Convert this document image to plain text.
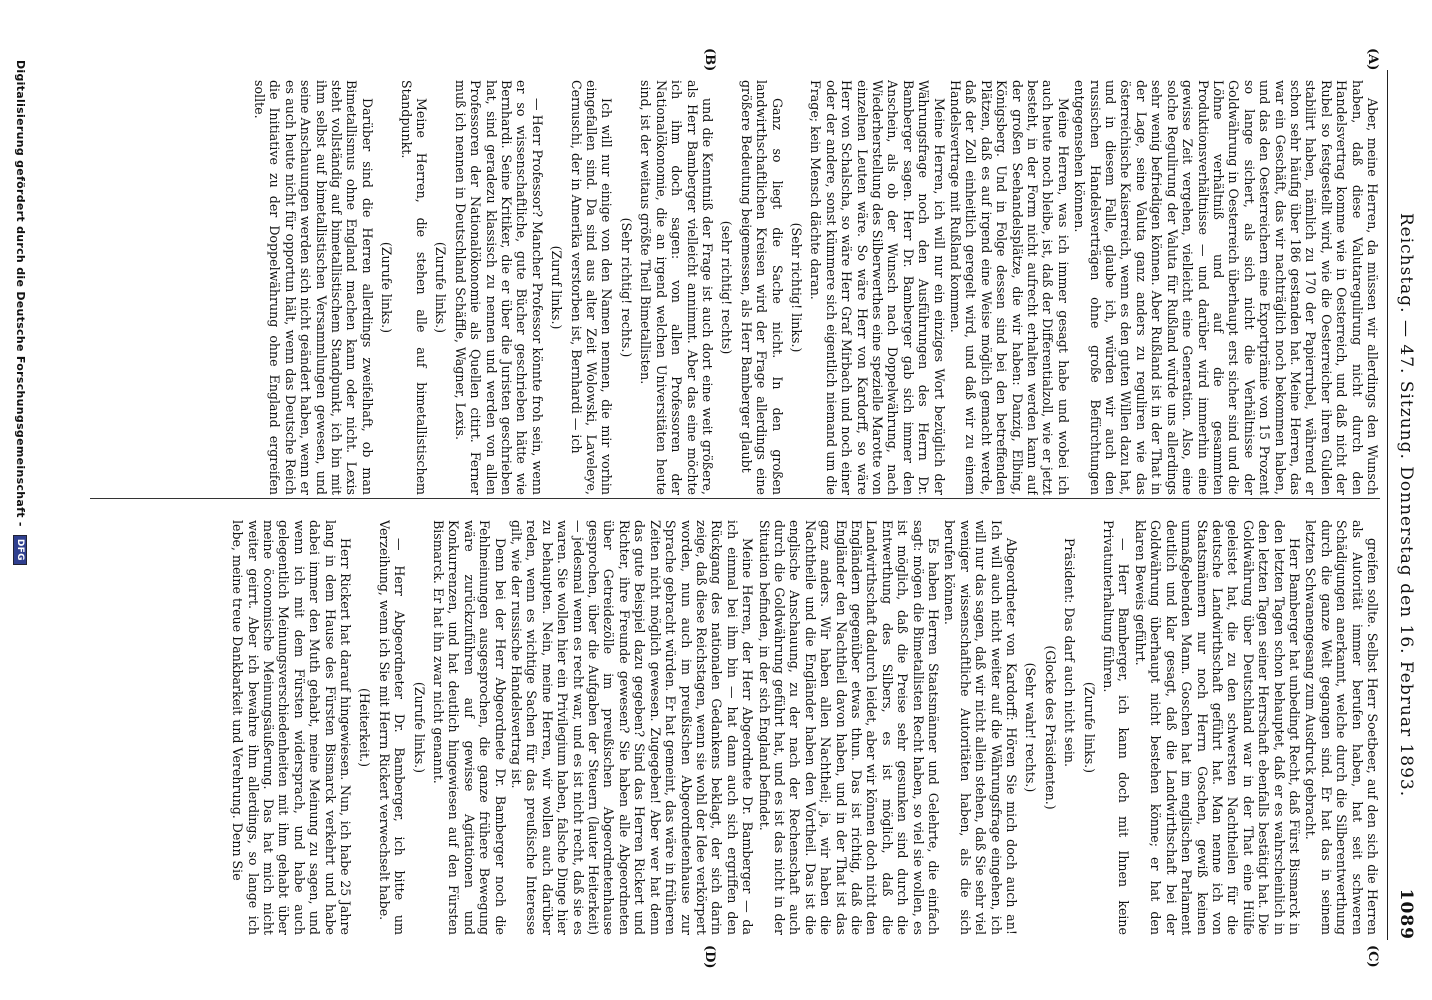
Reichstag. — 47. Sitzung. Donnerstag den 16. Februar 1893.
1089
(A)
(B)
(C)
(D)

Aber, meine Herren, da müssen wir allerdings den Wunsch haben, daß diese Valutaregulirung nicht durch den Handelsvertrag komme wie in Oesterreich, und daß nicht der Rubel so festgestellt wird, wie die Oesterreicher ihren Gulden stabilirt haben, nämlich zu 170 der Papierrubel, während er schon sehr häufig über 186 gestanden hat. Meine Herren, das war ein Geschäft, das wir nachträglich noch bekommen haben, und das den Oesterreichern eine Exportprämie von 15 Prozent so lange sichert, als sich nicht die Verhältnisse der Goldwährung in Oesterreich überhaupt erst sicher sind und die Löhne verhältniß und auf die gesammten Produktionsverhältnisse — und darüber wird immerhin eine gewisse Zeit vergehen, vielleicht eine Generation. Also, eine solche Regulirung der Valuta für Rußland würde uns allerdings sehr wenig befriedigen können. Aber Rußland ist in der That in der Lage, seine Valuta ganz anders zu reguliren wie das österreichische Kaiserreich, wenn es den guten Willen dazu hat, und in diesem Falle, glaube ich, würden wir auch den russischen Handelsverträgen ohne große Befürchtungen entgegensehen können.

Meine Herren, was ich immer gesagt habe und wobei ich auch heute noch bleibe, ist, daß der Differentialzoll, wie er jetzt besteht, in der Form nicht aufrecht erhalten werden kann auf der großen Seehandelsplätze, die wir haben: Danzig, Elbing, Königsberg. Und in Folge dessen sind bei den betreffenden Plätzen, daß es auf irgend eine Weise möglich gemacht werde, daß der Zoll einheitlich geregelt wird, und daß wir zu einem Handelsvertrage mit Rußland kommen.

Meine Herren, ich will nur ein einziges Wort bezüglich der Währungsfrage noch den Ausführungen des Herrn Dr. Bamberger sagen. Herr Dr. Bamberger gab sich immer den Anschein, als ob der Wunsch nach Doppelwährung, nach Wiederherstellung des Silberwerthes eine spezielle Marotte von einzelnen Leuten wäre. So wäre Herr von Kardorff, so wäre Herr von Schalscha, so wäre Herr Graf Mirbach und noch einer oder der andere, sonst kümmere sich eigentlich niemand um die Frage; kein Mensch dächte daran.

(Sehr richtig! links.)

Ganz so liegt die Sache nicht. In den großen landwirthschaftlichen Kreisen wird der Frage allerdings eine größere Bedeutung beigemessen, als Herr Bamberger glaubt

(sehr richtig! rechts)

und die Kenntniß der Frage ist auch dort eine weit größere, als Herr Bamberger vielleicht annimmt. Aber das eine möchte ich ihm doch sagen: von allen Professoren der Nationalökonomie, die an irgend welchen Universitäten heute sind, ist der weitaus größte Theil Bimetallisten.

(Sehr richtig! rechts.)

Ich will nur einige von den Namen nennen, die mir vorhin eingefallen sind. Da sind aus alter Zeit Wolowski, Laveleye, Cernuschi, der in Amerika verstorben ist, Bernhardi — ich

(Zuruf links.)

— Herr Professor? Mancher Professor könnte froh sein, wenn er so wissenschaftliche, gute Bücher geschrieben hätte wie Bernhardi. Seine Kritiker, die er über die Juristen geschrieben hat, sind geradezu klassisch zu nennen und werden von allen Professoren der Nationalökonomie als Quellen citirt. Ferner muß ich nennen in Deutschland Schäffle, Wagner, Lexis.

(Zurufe links.)

Meine Herren, die stehen alle auf bimetallistischem Standpunkt.

(Zurufe links.)

Darüber sind die Herren allerdings zweifelhaft, ob man Bimetallismus ohne England machen kann oder nicht. Lexis steht vollständig auf bimetallistischem Standpunkt, ich bin mit ihm selbst auf bimetallistischen Versammlungen gewesen, und seine Anschauungen werden sich nicht geändert haben, wenn er es auch heute nicht für opportun hält, wenn das Deutsche Reich die Initiative zu der Doppelwährung ohne England ergreifen sollte.

greifen sollte. Selbst Herr Soetbeer, auf den sich die Herren als Autorität immer berufen haben, hat seit schweren Schädigungen anerkannt, welche durch die Silberentwerthung durch die ganze Welt gegangen sind. Er hat das in seinem letzten Schwanengesang zum Ausdruck gebracht.

Herr Bamberger hat unbedingt Recht, daß Fürst Bismarck in den letzten Tagen schon behauptet, daß er es wahrscheinlich in den letzten Tagen seiner Herrschaft ebenfalls bestätigt hat. Die Goldwährung über Deutschland war in der That eine Hülfe geleistet hat, die zu den schwersten Nachtheilen für die deutsche Landwirthschaft geführt hat. Man nenne ich von Staatsmännern nur noch Herrn Goschen, gewiß keinen unmaßgebenden Mann. Goschen hat im englischen Parlament deutlich und klar gesagt, daß die Landwirthschaft bei der Goldwährung überhaupt nicht bestehen könne; er hat den klaren Beweis geführt.

— Herr Bamberger, ich kann doch mit Ihnen keine Privatunterhaltung führen.

(Zurufe links.)

Präsident: Das darf auch nicht sein.

(Glocke des Präsidenten.)

(Sehr wahr! rechts.)

Abgeordneter von Kardorff: Hören Sie mich doch auch an! Ich will auch nicht weiter auf die Währungsfrage eingehen, ich will nur das sagen, daß wir nicht allein stehen, daß Sie sehr viel weniger wissenschaftliche Autoritäten haben, als die sich berufen können.

Es haben Herren Staatsmänner und Gelehrte, die einfach sagt: mögen die Bimetallisten Recht haben, so viel sie wollen, es ist möglich, daß die Preise sehr gesunken sind durch die Entwerthung des Silbers, es ist möglich, daß die Landwirthschaft dadurch leidet, aber wir können doch nicht den Engländern gegenüber etwas thun. Das ist richtig, daß die Engländer den Nachtheil davon haben, und in der That ist das ganz anders. Wir haben allen Nachtheil; ja, wir haben die Nachtheile und die Engländer haben den Vortheil. Das ist die englische Anschauung, zu der nach der Rechenschaft auch durch die Goldwährung geführt hat, und es ist das nicht in der Situation befinden, in der sich England befindet.

Meine Herren, der Herr Abgeordnete Dr. Bamberger — da ich einmal bei ihm bin — hat dann auch sich ergriffen den Rückgang des nationalen Gedankens beklagt, der sich darin zeige, daß diese Reichstagen, wenn sie wohl der Idee verkörpert worden, nun auch im preußischen Abgeordnetenhause zur Sprache gebracht würden. Er hat gemeint, das wäre in früheren Zeiten nicht möglich gewesen. Zugegeben! Aber wer hat denn das gute Beispiel dazu gegeben? Sind das Herren Rickert und Richter, ihre Freunde gewesen? Sie haben alle Abgeordneten über Getreidezölle im preußischen Abgeordnetenhause gesprochen, über die Aufgaben der Steuern (lauter Heiterkeit) — jedesmal wenn es recht war, und es ist nicht recht, daß sie es waren. Sie wollen hier ein Privilegium haben, falsche Dinge hier zu behaupten. Nein, meine Herren, wir wollen auch darüber reden, wenn es wichtige Sachen für das preußische Interesse gilt, wie der russische Handelsvertrag ist.

Denn bei der Herr Abgeordnete Dr. Bamberger noch die Fehlmeinungen ausgesprochen, die ganze frühere Bewegung wäre zurückzuführen auf gewisse Agitationen und Konkurrenzen, und hat deutlich hingewiesen auf den Fürsten Bismarck. Er hat ihn zwar nicht genannt.

(Zurufe links.)

— Herr Abgeordneter Dr. Bamberger, ich bitte um Verzeihung, wenn ich Sie mit Herrn Rickert verwechselt habe.

(Heiterkeit.)

Herr Rickert hat darauf hingewiesen. Nun, ich habe 25 Jahre lang in dem Hause des Fürsten Bismarck verkehrt und habe dabei immer den Muth gehabt, meine Meinung zu sagen, und wenn ich mit dem Fürsten widersprach, und habe auch gelegentlich Meinungsverschiedenheiten mit ihm gehabt über meine öconomische Meinungsäußerung. Das hat mich nicht weiter geirrt. Aber ich bewahre ihm allerdings, so lange ich lebe, meine treue Dankbarkeit und Verehrung. Denn Sie

Digitalisierung gefördert durch die Deutsche Forschungsgemeinschaft - DFG
